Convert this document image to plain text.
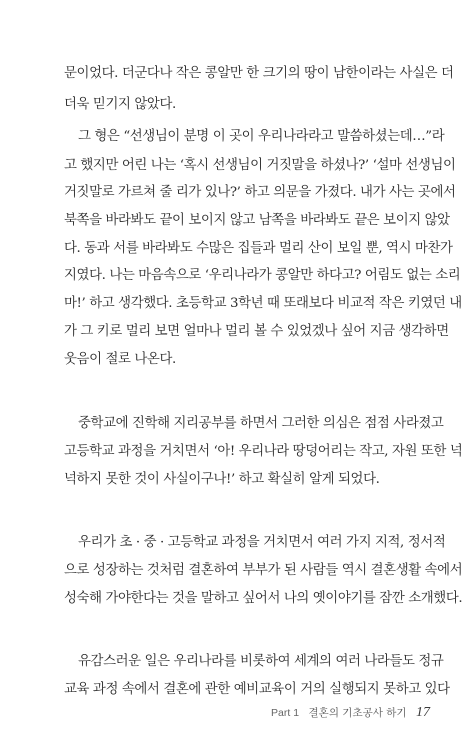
문이었다. 더군다나 작은 콩알만 한 크기의 땅이 남한이라는 사실은 더
더욱 믿기지 않았다.
그 형은 “선생님이 분명 이 곳이 우리나라라고 말씀하셨는데…”라
고 했지만 어린 나는 ‘혹시 선생님이 거짓말을 하셨나?’ ‘설마 선생님이
거짓말로 가르쳐 줄 리가 있나?’ 하고 의문을 가졌다. 내가 사는 곳에서
북쪽을 바라봐도 끝이 보이지 않고 남쪽을 바라봐도 끝은 보이지 않았
다. 동과 서를 바라봐도 수많은 집들과 멀리 산이 보일 뿐, 역시 마찬가
지였다. 나는 마음속으로 ‘우리나라가 콩알만 하다고? 어림도 없는 소리
마!’ 하고 생각했다. 초등학교 3학년 때 또래보다 비교적 작은 키였던 내
가 그 키로 멀리 보면 얼마나 멀리 볼 수 있었겠나 싶어 지금 생각하면
웃음이 절로 나온다.
중학교에 진학해 지리공부를 하면서 그러한 의심은 점점 사라졌고
고등학교 과정을 거치면서 ‘아! 우리나라 땅덩어리는 작고, 자원 또한 넉
넉하지 못한 것이 사실이구나!’ 하고 확실히 알게 되었다.
우리가 초 · 중 · 고등학교 과정을 거치면서 여러 가지 지적, 정서적
으로 성장하는 것처럼 결혼하여 부부가 된 사람들 역시 결혼생활 속에서
성숙해 가야한다는 것을 말하고 싶어서 나의 옛이야기를 잠깐 소개했다.
유감스러운 일은 우리나라를 비롯하여 세계의 여러 나라들도 정규
교육 과정 속에서 결혼에 관한 예비교육이 거의 실행되지 못하고 있다
Part 1 결혼의 기초공사 하기 17
